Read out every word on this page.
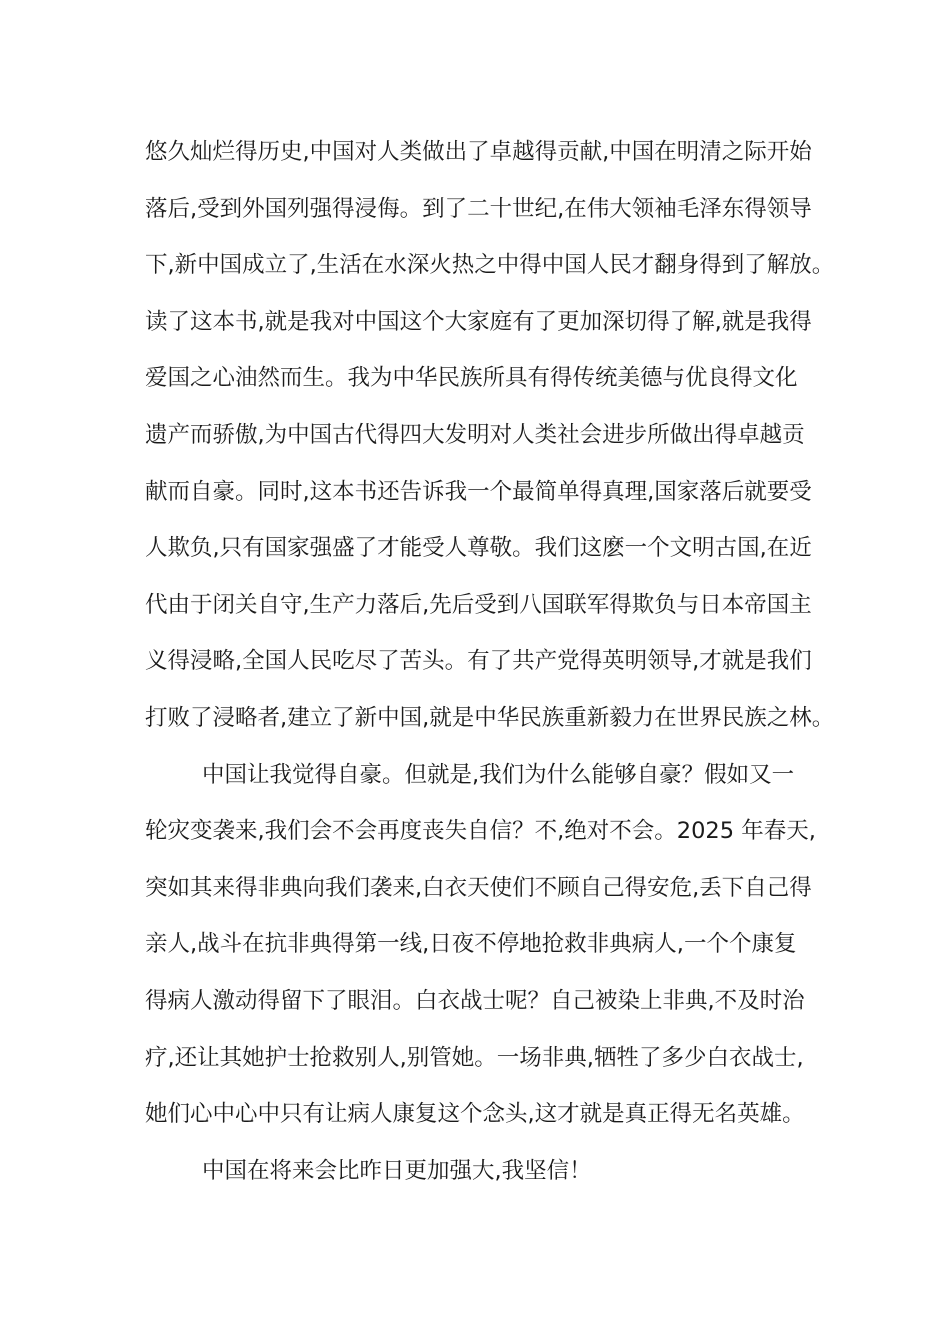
悠久灿烂得历史,中国对人类做出了卓越得贡献,中国在明清之际开始
落后,受到外国列强得浸侮。到了二十世纪,在伟大领袖毛泽东得领导
下,新中国成立了,生活在水深火热之中得中国人民才翻身得到了解放。
读了这本书,就是我对中国这个大家庭有了更加深切得了解,就是我得
爱国之心油然而生。我为中华民族所具有得传统美德与优良得文化
遗产而骄傲,为中国古代得四大发明对人类社会进步所做出得卓越贡
献而自豪。同时,这本书还告诉我一个最简单得真理,国家落后就要受
人欺负,只有国家强盛了才能受人尊敬。我们这麽一个文明古国,在近
代由于闭关自守,生产力落后,先后受到八国联军得欺负与日本帝国主
义得浸略,全国人民吃尽了苦头。有了共产党得英明领导,才就是我们
打败了浸略者,建立了新中国,就是中华民族重新毅力在世界民族之林。
中国让我觉得自豪。但就是,我们为什么能够自豪？假如又一
轮灾变袭来,我们会不会再度丧失自信？不,绝对不会。2025 年春天,
突如其来得非典向我们袭来,白衣天使们不顾自己得安危,丢下自己得
亲人,战斗在抗非典得第一线,日夜不停地抢救非典病人,一个个康复
得病人激动得留下了眼泪。白衣战士呢？自己被染上非典,不及时治
疗,还让其她护士抢救别人,别管她。一场非典,牺牲了多少白衣战士,
她们心中心中只有让病人康复这个念头,这才就是真正得无名英雄。
中国在将来会比昨日更加强大,我坚信！
